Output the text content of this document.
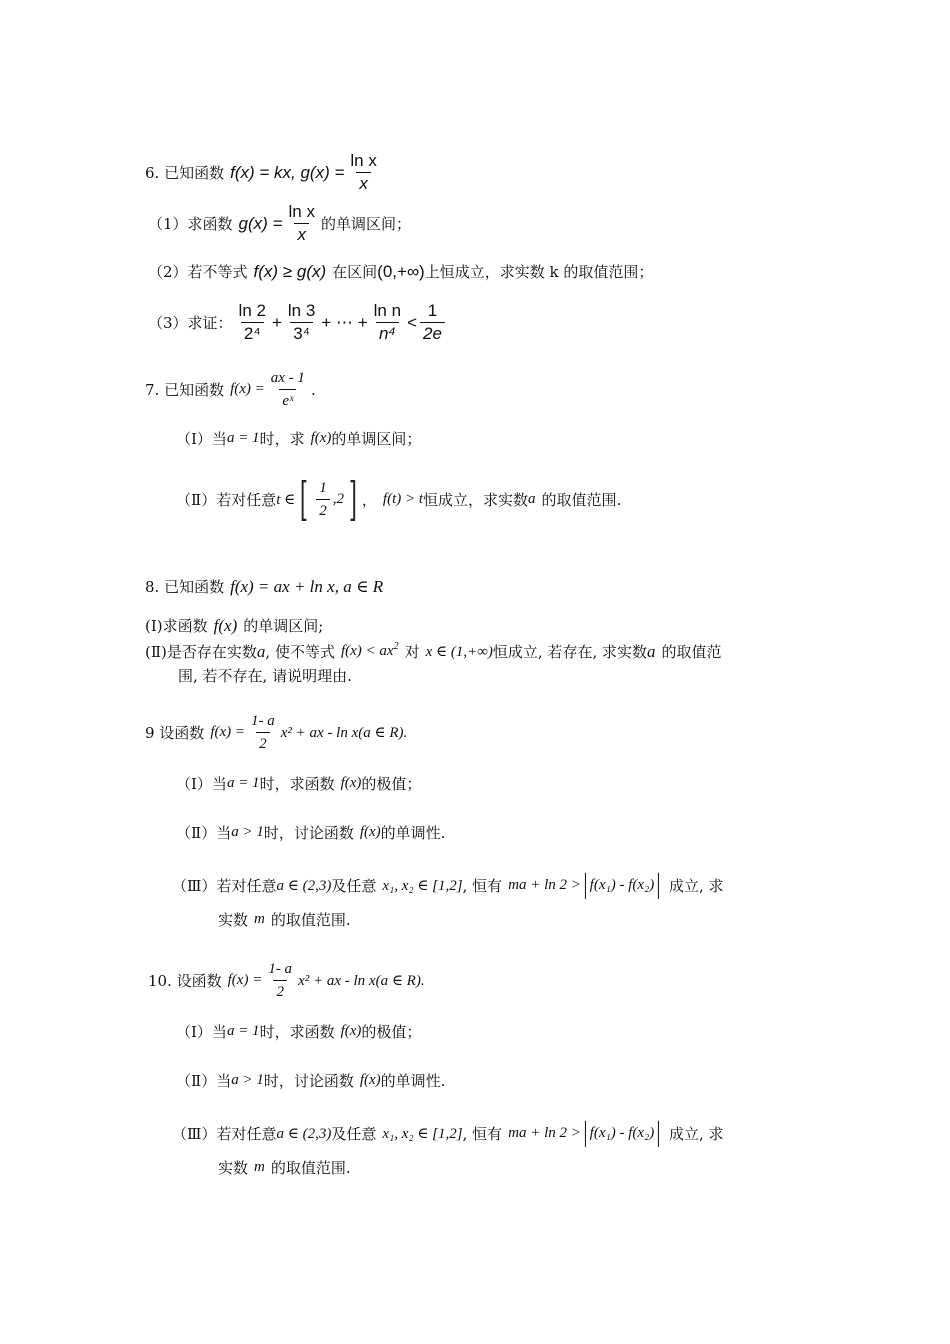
6. 已知函数 f(x) = kx, $g(x) = \frac{\text{ln x}}{x}$
（1）求函数 $g(x) = \frac{\text{ln x}}{x}$ 的单调区间；
（2）若不等式 f(x) ≥ g(x) 在区间 (0,+∞) 上恒成立，求实数 k 的取值范围；
（3）求证： $\frac{\ln 2}{\text{2⁴}} + \frac{\ln 3}{\text{3⁴}}$ + ⋯ + $\frac{\text{ln n}}{\text{n⁴}} < \frac{1}{2e}$
7. 已知函数 $f(x) = \frac{ax - 1}{\text{eˣ}}$ .
（Ⅰ）当 a = 1 时，求 f(x) 的单调区间；
（Ⅱ）若对任意 t ∈ [ $\frac{1}{2} ,2$ ] ， f(t) > t 恒成立，求实数 a 的取值范围.
8. 已知函数 f(x) = ax + ln x, a ∈ R
(Ⅰ)求函数 f(x) 的单调区间;
(Ⅱ)是否存在实数 a , 使不等式 $f(x) < ax^2$ 对 x ∈ (1,+∞) 恒成立, 若存在, 求实数 a 的取值范
围, 若不存在, 请说明理由.
9 设函数 $f(x) = \frac{1- a}{2} x^2$ + ax - ln x(a ∈ R).
（Ⅰ）当 a = 1 时，求函数 f(x) 的极值；
（Ⅱ）当 a > 1 时，讨论函数 f(x) 的单调性.
（Ⅲ）若对任意 a ∈ (2,3) 及任意 x₁, x₂ ∈ [1,2] , 恒有 ma + ln 2 > | f(x₁) - f(x₂) | 成立, 求
实数 m 的取值范围.
10. 设函数 $f(x) = \frac{1- a}{2} x^2$ + ax - ln x(a ∈ R).
（Ⅰ）当 a = 1 时，求函数 f(x) 的极值；
（Ⅱ）当 a > 1 时，讨论函数 f(x) 的单调性.
（Ⅲ）若对任意 a ∈ (2,3) 及任意 x₁, x₂ ∈ [1,2] , 恒有 ma + ln 2 > | f(x₁) - f(x₂) | 成立, 求
实数 m 的取值范围.
